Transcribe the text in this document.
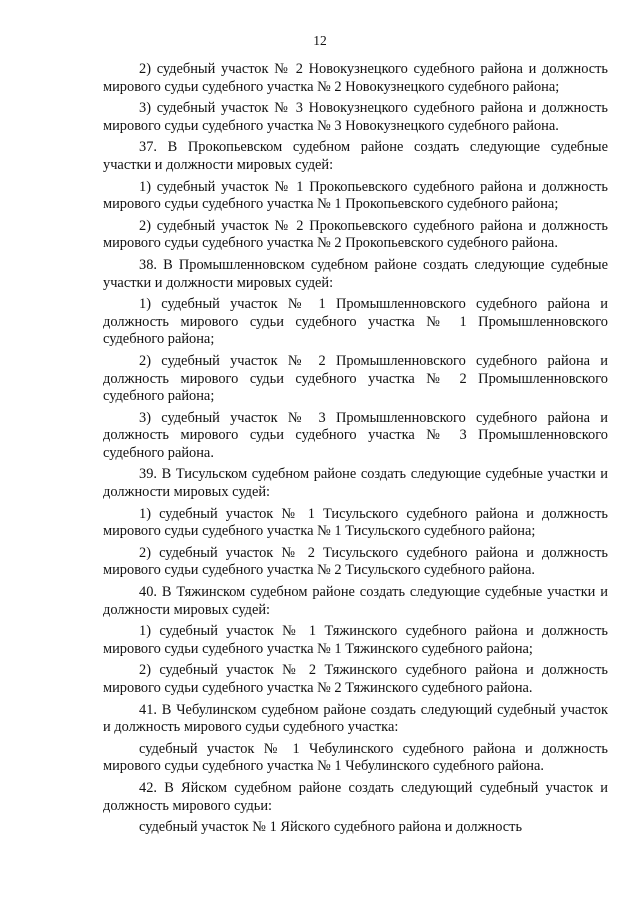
12

2) судебный участок № 2 Новокузнецкого судебного района и должность мирового судьи судебного участка № 2 Новокузнецкого судебного района;

3) судебный участок № 3 Новокузнецкого судебного района и должность мирового судьи судебного участка № 3 Новокузнецкого судебного района.

37. В Прокопьевском судебном районе создать следующие судебные участки и должности мировых судей:

1) судебный участок № 1 Прокопьевского судебного района и должность мирового судьи судебного участка № 1 Прокопьевского судебного района;

2) судебный участок № 2 Прокопьевского судебного района и должность мирового судьи судебного участка № 2 Прокопьевского судебного района.

38. В Промышленновском судебном районе создать следующие судебные участки и должности мировых судей:

1) судебный участок № 1 Промышленновского судебного района и должность мирового судьи судебного участка № 1 Промышленновского судебного района;

2) судебный участок № 2 Промышленновского судебного района и должность мирового судьи судебного участка № 2 Промышленновского судебного района;

3) судебный участок № 3 Промышленновского судебного района и должность мирового судьи судебного участка № 3 Промышленновского судебного района.

39. В Тисульском судебном районе создать следующие судебные участки и должности мировых судей:

1) судебный участок № 1 Тисульского судебного района и должность мирового судьи судебного участка № 1 Тисульского судебного района;

2) судебный участок № 2 Тисульского судебного района и должность мирового судьи судебного участка № 2 Тисульского судебного района.

40. В Тяжинском судебном районе создать следующие судебные участки и должности мировых судей:

1) судебный участок № 1 Тяжинского судебного района и должность мирового судьи судебного участка № 1 Тяжинского судебного района;

2) судебный участок № 2 Тяжинского судебного района и должность мирового судьи судебного участка № 2 Тяжинского судебного района.

41. В Чебулинском судебном районе создать следующий судебный участок и должность мирового судьи судебного участка:

судебный участок № 1 Чебулинского судебного района и должность мирового судьи судебного участка № 1 Чебулинского судебного района.

42. В Яйском судебном районе создать следующий судебный участок и должность мирового судьи:

судебный участок № 1 Яйского судебного района и должность
